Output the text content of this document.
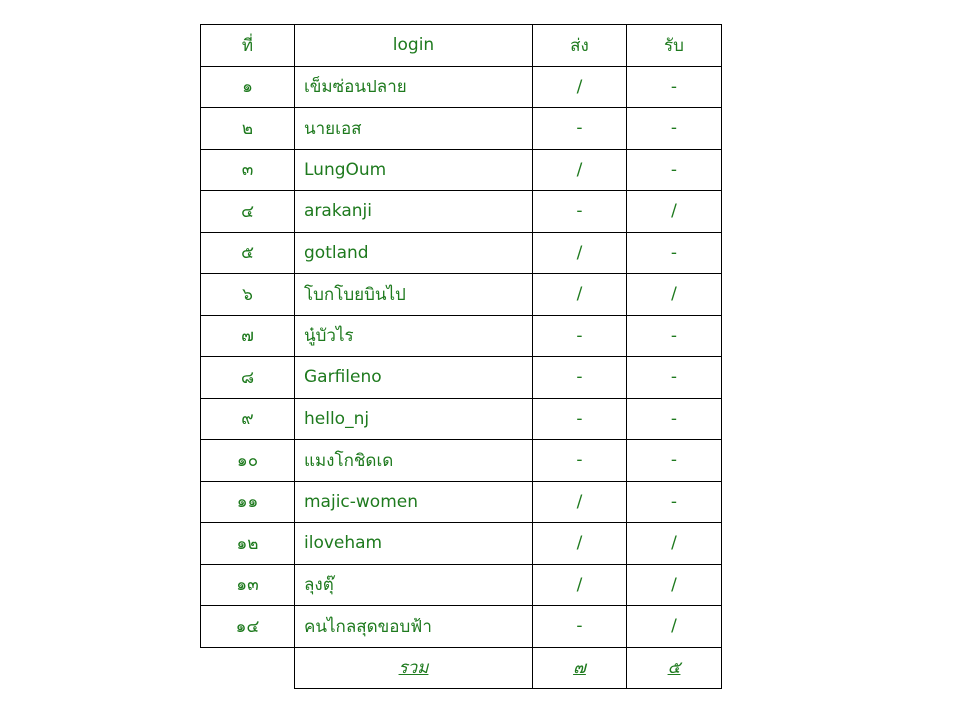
ที่	login	ส่ง	รับ
๑	เข็มซ่อนปลาย	/	-
๒	นายเอส	-	-
๓	LungOum	/	-
๔	arakanji	-	/
๕	gotland	/	-
๖	โบกโบยบินไป	/	/
๗	นู๋บัวไร	-	-
๘	Garfileno	-	-
๙	hello_nj	-	-
๑๐	แมงโกชิดเด	-	-
๑๑	majic-women	/	-
๑๒	iloveham	/	/
๑๓	ลุงตุ๊	/	/
๑๔	คนไกลสุดขอบฟ้า	-	/
	รวม	๗	๕
